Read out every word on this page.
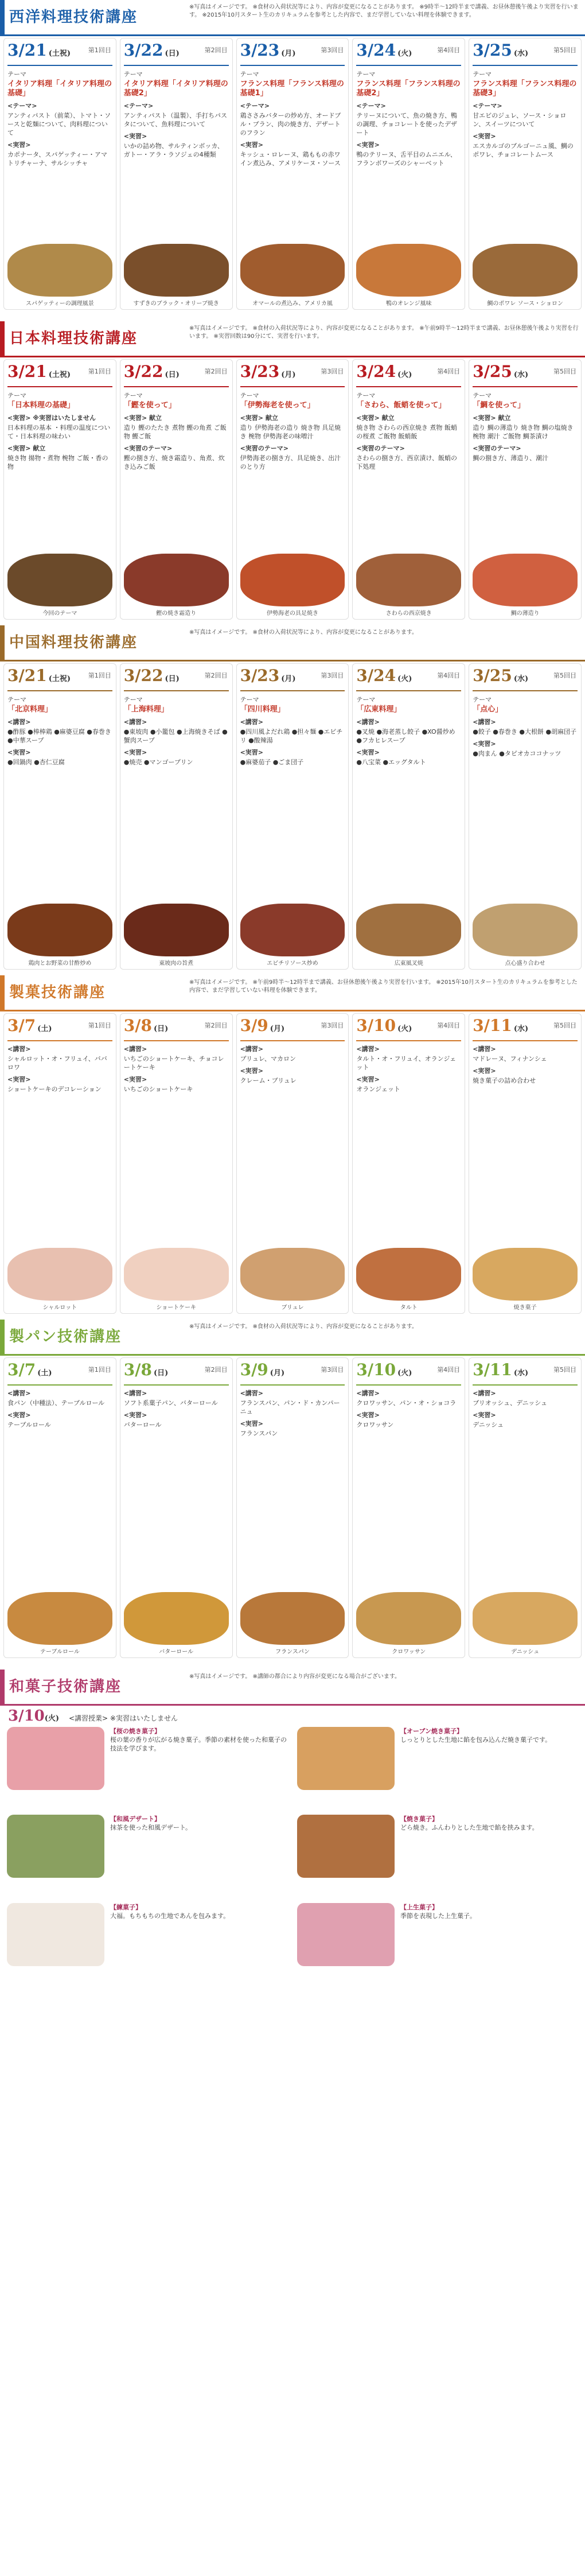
西洋料理技術講座
※写真はイメージです。 ※食材の入荷状況等により、内容が変更になることがあります。 ※9時半〜12時半まで講義、お昼休憩後午後より実習を行います。 ※2015年10月スタート生のカリキュラムを参考とした内容で、まだ学習していない料理を体験できます。
3/21 (土祝)	第1回目
テーマ
イタリア料理「イタリア料理の基礎」
<テーマ>
アンティパスト（前菜）、トマト・ソースと乾麺について、肉料理について
<実習>
カポナータ、スパゲッティー・アマトリチャーナ、サルシッチャ
スパゲッティーの調理風景
3/22 (日)	第2回目
テーマ
イタリア料理「イタリア料理の基礎2」
<テーマ>
アンティパスト（温製）、手打ちパスタについて、魚料理について
<実習>
いかの詰め物、サルティンボッカ、ガトー・アラ・ラソジェの4種類
すずきのブラック・オリーブ焼き
3/23 (月)	第3回目
テーマ
フランス料理「フランス料理の基礎1」
<テーマ>
鶏ささみバターの炒め方、オードブル・ブラン、肉の焼き方、デザートのフラン
<実習>
キッシュ・ロレーヌ、鶏ももの赤ワイン煮込み、アメリケーヌ・ソース
オマールの煮込み、アメリカ風
3/24 (火)	第4回目
テーマ
フランス料理「フランス料理の基礎2」
<テーマ>
テリーヌについて、魚の焼き方、鴨の調理、チョコレートを使ったデザート
<実習>
鴨のテリーヌ、舌平目のムニエル、フランボワーズのシャーベット
鴨のオレンジ風味
3/25 (水)	第5回目
テーマ
フランス料理「フランス料理の基礎3」
<テーマ>
甘エビのジュレ、ソース・ショロン、スイーツについて
<実習>
エスカルゴのブルゴーニュ風、鯛のポワレ、チョコレートムース
鯛のポワレ ソース・ショロン
日本料理技術講座
※写真はイメージです。 ※食材の入荷状況等により、内容が変更になることがあります。 ※午前9時半〜12時半まで講義、お昼休憩後午後より実習を行います。 ※実習回数は90分にて、実習を行います。
3/21 (土祝)	第1回目
テーマ
「日本料理の基礎」
<実習> ※実習はいたしません
日本料理の基本 ・料理の温度について・日本料理の味わい
<実習> 献立
焼き物 揚物・煮物 椀物 ご飯・香の物
今回のテーマ
3/22 (日)	第2回目
テーマ
「鰹を使って」
<実習> 献立
造り 鰹のたたき 煮物 鰹の角煮 ご飯物 鰹ご飯
<実習のテーマ>
鰹の捌き方、焼き霜造り、角煮、炊き込みご飯
鰹の焼き霜造り
3/23 (月)	第3回目
テーマ
「伊勢海老を使って」
<実習> 献立
造り 伊勢海老の造り 焼き物 具足焼き 椀物 伊勢海老の味噌汁
<実習のテーマ>
伊勢海老の捌き方、具足焼き、出汁のとり方
伊勢海老の具足焼き
3/24 (火)	第4回目
テーマ
「さわら、飯蛸を使って」
<実習> 献立
焼き物 さわらの西京焼き 煮物 飯蛸の桜煮 ご飯物 飯蛸飯
<実習のテーマ>
さわらの捌き方、西京漬け、飯蛸の下処理
さわらの西京焼き
3/25 (水)	第5回目
テーマ
「鯛を使って」
<実習> 献立
造り 鯛の薄造り 焼き物 鯛の塩焼き 椀物 潮汁 ご飯物 鯛茶漬け
<実習のテーマ>
鯛の捌き方、薄造り、潮汁
鯛の薄造り
中国料理技術講座
※写真はイメージです。 ※食材の入荷状況等により、内容が変更になることがあります。
3/21 (土祝)	第1回目
テーマ
「北京料理」
<講習>
●酢豚 ●棒棒鶏 ●麻婆豆腐 ●春巻き ●中華スープ
<実習>
●回鍋肉 ●杏仁豆腐
鶏肉とお野菜の甘酢炒め
3/22 (日)	第2回目
テーマ
「上海料理」
<講習>
●東坡肉 ●小籠包 ●上海焼きそば ●蟹肉スープ
<実習>
●焼売 ●マンゴープリン
東坡肉の旨煮
3/23 (月)	第3回目
テーマ
「四川料理」
<講習>
●四川風よだれ鶏 ●担々麺 ●エビチリ ●酸辣湯
<実習>
●麻婆茄子 ●ごま団子
エビチリソース炒め
3/24 (火)	第4回目
テーマ
「広東料理」
<講習>
●叉焼 ●海老蒸し餃子 ●XO醤炒め ●フカヒレスープ
<実習>
●八宝菜 ●エッグタルト
広東風叉焼
3/25 (水)	第5回目
テーマ
「点心」
<講習>
●餃子 ●春巻き ●大根餅 ●胡麻団子
<実習>
●肉まん ●タピオカココナッツ
点心盛り合わせ
製菓技術講座
※写真はイメージです。 ※午前9時半〜12時半まで講義、お昼休憩後午後より実習を行います。 ※2015年10月スタート生のカリキュラムを参考とした内容で、まだ学習していない料理を体験できます。
3/7 (土)	第1回目
<講習>
シャルロット・オ・フリュイ、ババロワ
<実習>
ショートケーキのデコレーション
シャルロット
3/8 (日)	第2回目
<講習>
いちごのショートケーキ、チョコレートケーキ
<実習>
いちごのショートケーキ
ショートケーキ
3/9 (月)	第3回目
<講習>
ブリュレ、マカロン
<実習>
クレーム・ブリュレ
ブリュレ
3/10 (火)	第4回目
<講習>
タルト・オ・フリュイ、オランジェット
<実習>
オランジェット
タルト
3/11 (水)	第5回目
<講習>
マドレーヌ、フィナンシェ
<実習>
焼き菓子の詰め合わせ
焼き菓子
製パン技術講座
※写真はイメージです。 ※食材の入荷状況等により、内容が変更になることがあります。
3/7 (土)	第1回目
<講習>
食パン（中種法）、テーブルロール
<実習>
テーブルロール
テーブルロール
3/8 (日)	第2回目
<講習>
ソフト系菓子パン、バターロール
<実習>
バターロール
バターロール
3/9 (月)	第3回目
<講習>
フランスパン、パン・ド・カンパーニュ
<実習>
フランスパン
フランスパン
3/10 (火)	第4回目
<講習>
クロワッサン、パン・オ・ショコラ
<実習>
クロワッサン
クロワッサン
3/11 (水)	第5回目
<講習>
ブリオッシュ、デニッシュ
<実習>
デニッシュ
デニッシュ
和菓子技術講座
※写真はイメージです。 ※講師の都合により内容が変更になる場合がございます。
3/10(火) <講習授業> ※実習はいたしません
【桜の焼き菓子】
桜の葉の香りが広がる焼き菓子。季節の素材を使った和菓子の技法を学びます。
【オーブン焼き菓子】
しっとりとした生地に餡を包み込んだ焼き菓子です。
【和風デザート】
抹茶を使った和風デザート。
【焼き菓子】
どら焼き。ふんわりとした生地で餡を挟みます。
【練菓子】
大福。もちもちの生地であんを包みます。
【上生菓子】
季節を表現した上生菓子。
